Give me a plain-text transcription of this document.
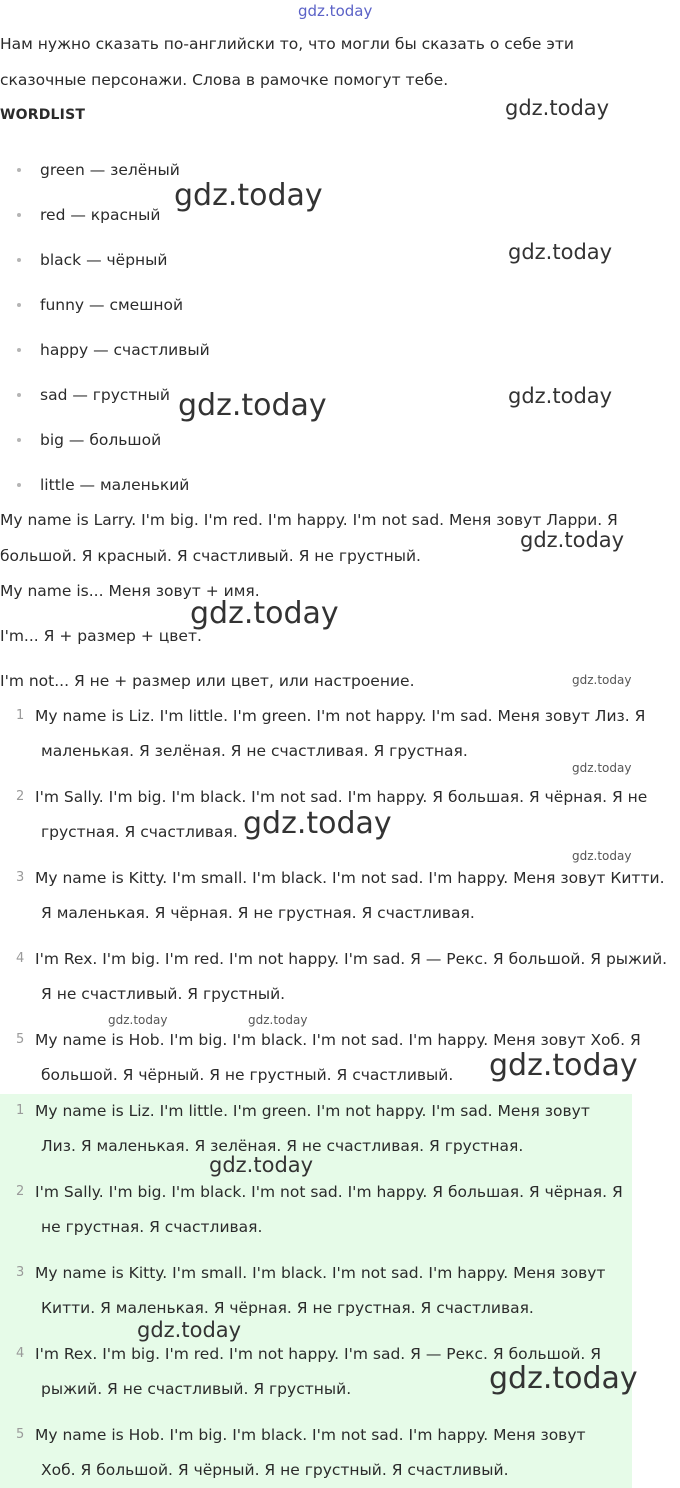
gdz.today
Нам нужно сказать по-английски то, что могли бы сказать о себе эти
сказочные персонажи. Слова в рамочке помогут тебе.
WORDLIST
green — зелёный
red — красный
black — чёрный
funny — смешной
happy — счастливый
sad — грустный
big — большой
little — маленький
My name is Larry. I'm big. I'm red. I'm happy. I'm not sad. Меня зовут Ларри. Я
большой. Я красный. Я счастливый. Я не грустный.
My name is... Меня зовут + имя.
I'm... Я + размер + цвет.
I'm not... Я не + размер или цвет, или настроение.
1 My name is Liz. I'm little. I'm green. I'm not happy. I'm sad. Меня зовут Лиз. Я
маленькая. Я зелёная. Я не счастливая. Я грустная.
2 I'm Sally. I'm big. I'm black. I'm not sad. I'm happy. Я большая. Я чёрная. Я не
грустная. Я счастливая.
3 My name is Kitty. I'm small. I'm black. I'm not sad. I'm happy. Меня зовут Китти.
Я маленькая. Я чёрная. Я не грустная. Я счастливая.
4 I'm Rex. I'm big. I'm red. I'm not happy. I'm sad. Я — Рекс. Я большой. Я рыжий.
Я не счастливый. Я грустный.
5 My name is Hob. I'm big. I'm black. I'm not sad. I'm happy. Меня зовут Хоб. Я
большой. Я чёрный. Я не грустный. Я счастливый.
1 My name is Liz. I'm little. I'm green. I'm not happy. I'm sad. Меня зовут
Лиз. Я маленькая. Я зелёная. Я не счастливая. Я грустная.
2 I'm Sally. I'm big. I'm black. I'm not sad. I'm happy. Я большая. Я чёрная. Я
не грустная. Я счастливая.
3 My name is Kitty. I'm small. I'm black. I'm not sad. I'm happy. Меня зовут
Китти. Я маленькая. Я чёрная. Я не грустная. Я счастливая.
4 I'm Rex. I'm big. I'm red. I'm not happy. I'm sad. Я — Рекс. Я большой. Я
рыжий. Я не счастливый. Я грустный.
5 My name is Hob. I'm big. I'm black. I'm not sad. I'm happy. Меня зовут
Хоб. Я большой. Я чёрный. Я не грустный. Я счастливый.
gdz.today
gdz.today
gdz.today
gdz.today	gdz.today
gdz.today
gdz.today
gdz.today
gdz.today
gdz.today
gdz.today
gdz.today	gdz.today
gdz.today
gdz.today
gdz.today
gdz.today
